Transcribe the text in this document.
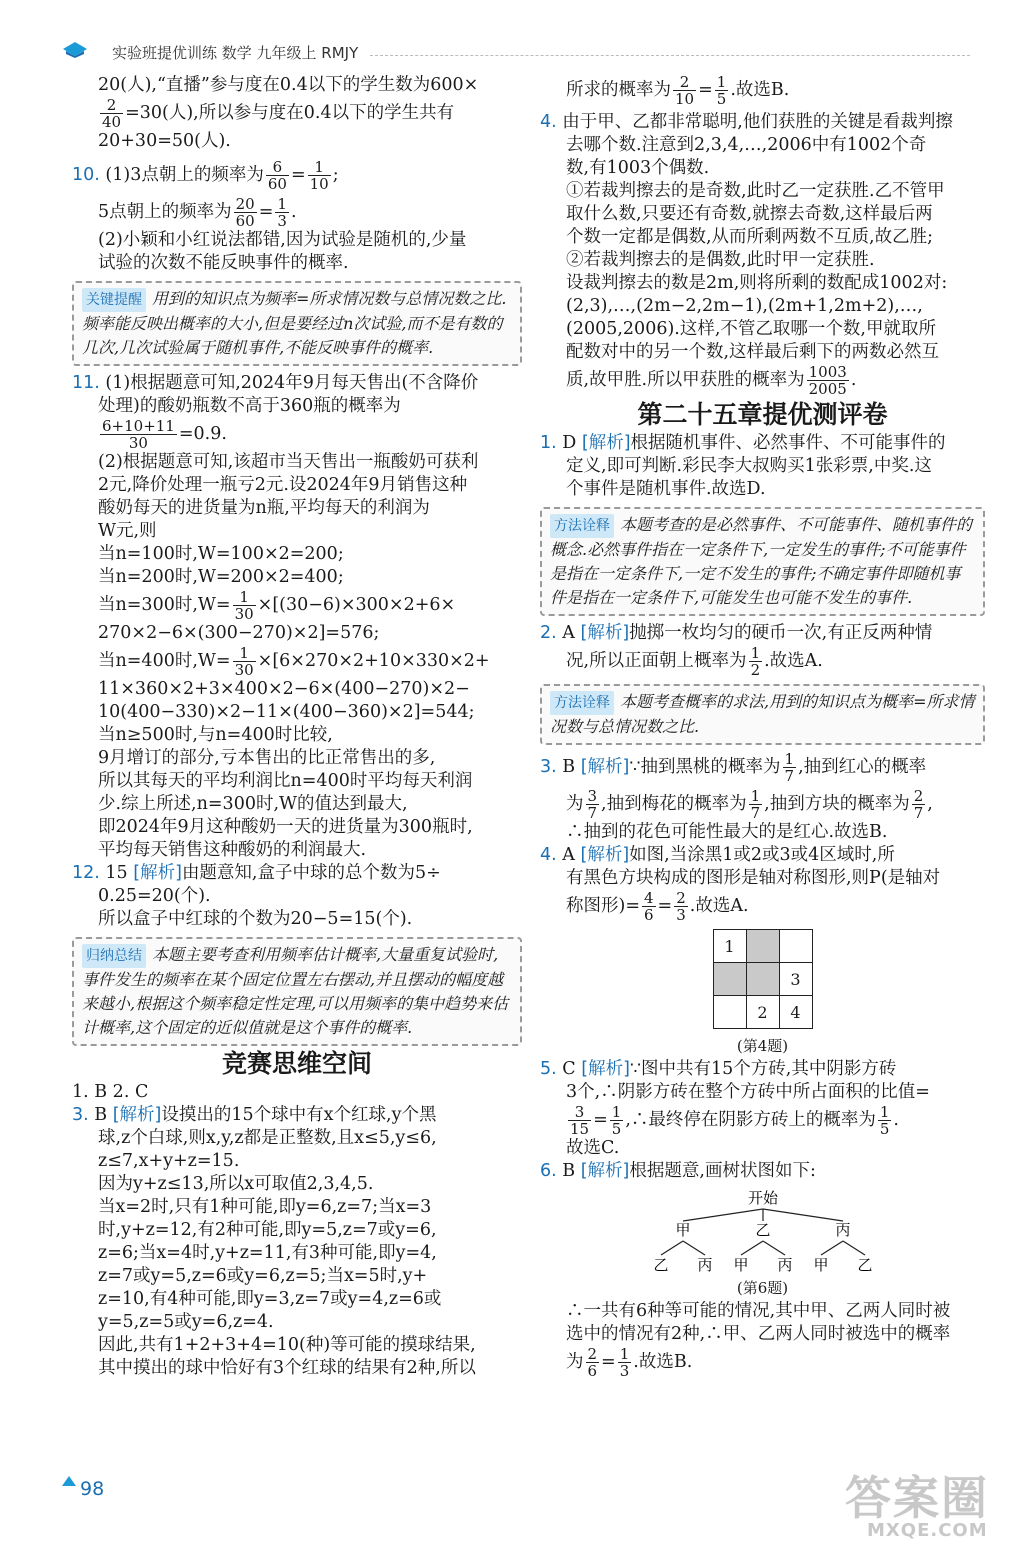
实验班提优训练 数学 九年级上 RMJY
20(人),“直播”参与度在0.4以下的学生数为600×
$\frac{2}{40} =30$(人),所以参与度在0.4以下的学生共有
20+30=50(人).
10. (1)3点朝上的频率为 $\frac{6}{60} = \frac{1}{10}$ ;
5点朝上的频率为 $\frac{20}{60} = \frac{1}{3}$ .
(2)小颖和小红说法都错,因为试验是随机的,少量
试验的次数不能反映事件的概率.
关键提醒 用到的知识点为频率=所求情况数与总情况数之比.频率能反映出概率的大小,但是要经过n次试验,而不是有数的几次,几次试验属于随机事件,不能反映事件的概率.
11. (1)根据题意可知,2024年9月每天售出(不含降价
处理)的酸奶瓶数不高于360瓶的概率为
$\frac{6+10+11}{30} =0.9$.
(2)根据题意可知,该超市当天售出一瓶酸奶可获利
2元,降价处理一瓶亏2元.设2024年9月销售这种
酸奶每天的进货量为n瓶,平均每天的利润为
W元,则
当n=100时,W=100×2=200;
当n=200时,W=200×2=400;
当n=300时$,W= \frac{1}{30} \times[(30-6)\times 300\times 2+6\times$
270×2−6×(300−270)×2]=576;
当n=400时$,W= \frac{1}{30} \times[6\times 270\times 2+10\times 330\times 2+$
11×360×2+3×400×2−6×(400−270)×2−
10(400−330)×2−11×(400−360)×2]=544;
当n≥500时,与n=400时比较,
9月增订的部分,亏本售出的比正常售出的多,
所以其每天的平均利润比n=400时平均每天利润
少.综上所述,n=300时,W的值达到最大,
即2024年9月这种酸奶一天的进货量为300瓶时,
平均每天销售这种酸奶的利润最大.
12. 15 [解析]由题意知,盒子中球的总个数为5÷
0.25=20(个).
所以盒子中红球的个数为20−5=15(个).
归纳总结 本题主要考查利用频率估计概率,大量重复试验时,事件发生的频率在某个固定位置左右摆动,并且摆动的幅度越来越小,根据这个频率稳定性定理,可以用频率的集中趋势来估计概率,这个固定的近似值就是这个事件的概率.
竞赛思维空间
1. B 2. C
3. B [解析]设摸出的15个球中有x个红球,y个黑
球,z个白球,则x,y,z都是正整数,且x≤5,y≤6,
z≤7,x+y+z=15.
因为y+z≤13,所以x可取值2,3,4,5.
当x=2时,只有1种可能,即y=6,z=7;当x=3
时,y+z=12,有2种可能,即y=5,z=7或y=6,
z=6;当x=4时,y+z=11,有3种可能,即y=4,
z=7或y=5,z=6或y=6,z=5;当x=5时,y+
z=10,有4种可能,即y=3,z=7或y=4,z=6或
y=5,z=5或y=6,z=4.
因此,共有1+2+3+4=10(种)等可能的摸球结果,
其中摸出的球中恰好有3个红球的结果有2种,所以
所求的概率为 $\frac{2}{10} = \frac{1}{5}$ .故选B.
4. 由于甲、乙都非常聪明,他们获胜的关键是看裁判擦
去哪个数.注意到2,3,4,…,2006中有1002个奇
数,有1003个偶数.
①若裁判擦去的是奇数,此时乙一定获胜.乙不管甲
取什么数,只要还有奇数,就擦去奇数,这样最后两
个数一定都是偶数,从而所剩两数不互质,故乙胜;
②若裁判擦去的是偶数,此时甲一定获胜.
设裁判擦去的数是2m,则将所剩的数配成1002对:
(2,3),…,(2m−2,2m−1),(2m+1,2m+2),…,
(2005,2006).这样,不管乙取哪一个数,甲就取所
配数对中的另一个数,这样最后剩下的两数必然互
质,故甲胜.所以甲获胜的概率为 $\frac{1003}{2005}$ .
第二十五章提优测评卷
1. D [解析]根据随机事件、必然事件、不可能事件的
定义,即可判断.彩民李大叔购买1张彩票,中奖.这
个事件是随机事件.故选D.
方法诠释 本题考查的是必然事件、不可能事件、随机事件的概念.必然事件指在一定条件下,一定发生的事件;不可能事件是指在一定条件下,一定不发生的事件;不确定事件即随机事件是指在一定条件下,可能发生也可能不发生的事件.
2. A [解析]抛掷一枚均匀的硬币一次,有正反两种情
况,所以正面朝上概率为 $\frac{1}{2}$ .故选A.
方法诠释 本题考查概率的求法,用到的知识点为概率=所求情况数与总情况数之比.
3. B [解析]∵抽到黑桃的概率为 $\frac{1}{7}$ ,抽到红心的概率
为 $\frac{3}{7}$ ,抽到梅花的概率为 $\frac{1}{7}$ ,抽到方块的概率为 $\frac{2}{7}$ ,
∴抽到的花色可能性最大的是红心.故选B.
4. A [解析]如图,当涂黑1或2或3或4区域时,所
有黑色方块构成的图形是轴对称图形,则P(是轴对
称图形)= $\frac{4}{6} = \frac{2}{3}$ .故选A.
1		
		3
	2	4
(第4题)
5. C [解析]∵图中共有15个方砖,其中阴影方砖
3个,∴阴影方砖在整个方砖中所占面积的比值=
$\frac{3}{15} = \frac{1}{5}$ ,∴最终停在阴影方砖上的概率为 $\frac{1}{5}$ .
故选C.
6. B [解析]根据题意,画树状图如下:
开始
甲	乙	丙
乙 丙 甲 丙 甲 乙
(第6题)
∴一共有6种等可能的情况,其中甲、乙两人同时被
选中的情况有2种,∴甲、乙两人同时被选中的概率
为 $\frac{2}{6} = \frac{1}{3}$ .故选B.
98	答案圈
MXQE.COM
